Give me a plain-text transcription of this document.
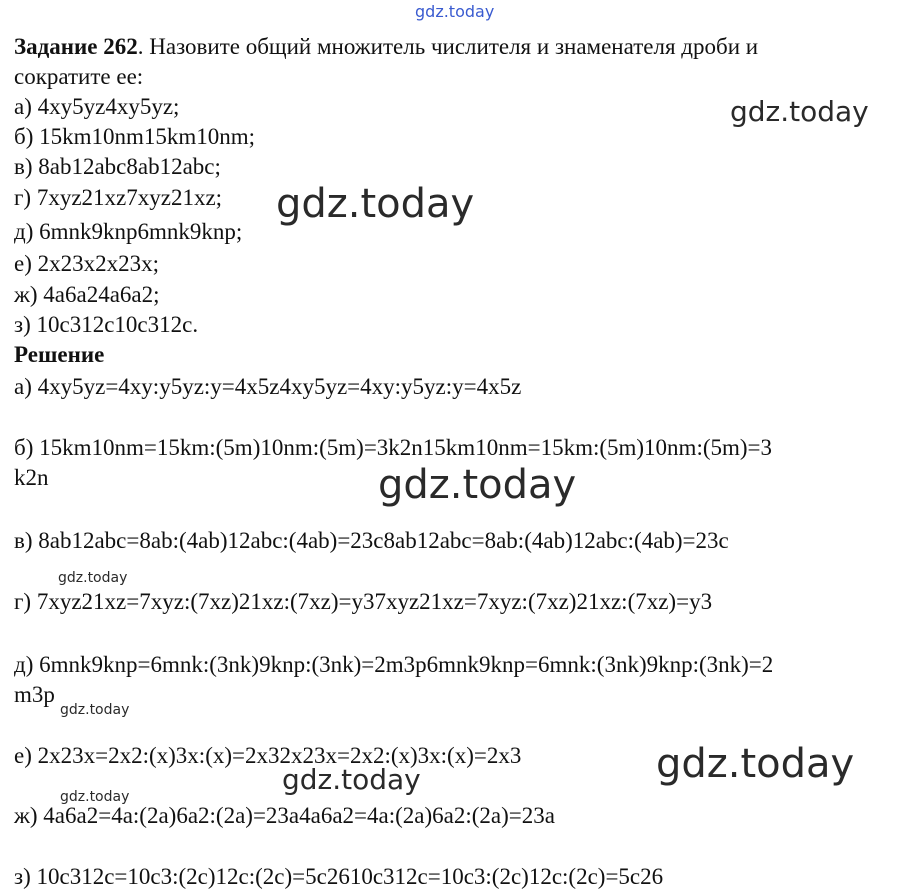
gdz.today
gdz.today
gdz.today
gdz.today
gdz.today
gdz.today
gdz.today
gdz.today
gdz.today
Задание 262. Назовите общий множитель числителя и знаменателя дроби и
сократите ее:
а) 4xy5yz4xy5yz;
б) 15km10nm15km10nm;
в) 8ab12abc8ab12abc;
г) 7xyz21xz7xyz21xz;
д) 6mnk9knp6mnk9knp;
е) 2x23x2x23x;
ж) 4a6a24a6a2;
з) 10c312c10c312c.
Решение
а) 4xy5yz=4xy:y5yz:y=4x5z4xy5yz=4xy:y5yz:y=4x5z
б) 15km10nm=15km:(5m)10nm:(5m)=3k2n15km10nm=15km:(5m)10nm:(5m)=3
k2n
в) 8ab12abc=8ab:(4ab)12abc:(4ab)=23c8ab12abc=8ab:(4ab)12abc:(4ab)=23c
г) 7xyz21xz=7xyz:(7xz)21xz:(7xz)=y37xyz21xz=7xyz:(7xz)21xz:(7xz)=y3
д) 6mnk9knp=6mnk:(3nk)9knp:(3nk)=2m3p6mnk9knp=6mnk:(3nk)9knp:(3nk)=2
m3p
е) 2x23x=2x2:(x)3x:(x)=2x32x23x=2x2:(x)3x:(x)=2x3
ж) 4a6a2=4a:(2a)6a2:(2a)=23a4a6a2=4a:(2a)6a2:(2a)=23a
з) 10c312c=10c3:(2c)12c:(2c)=5c2610c312c=10c3:(2c)12c:(2c)=5c26
